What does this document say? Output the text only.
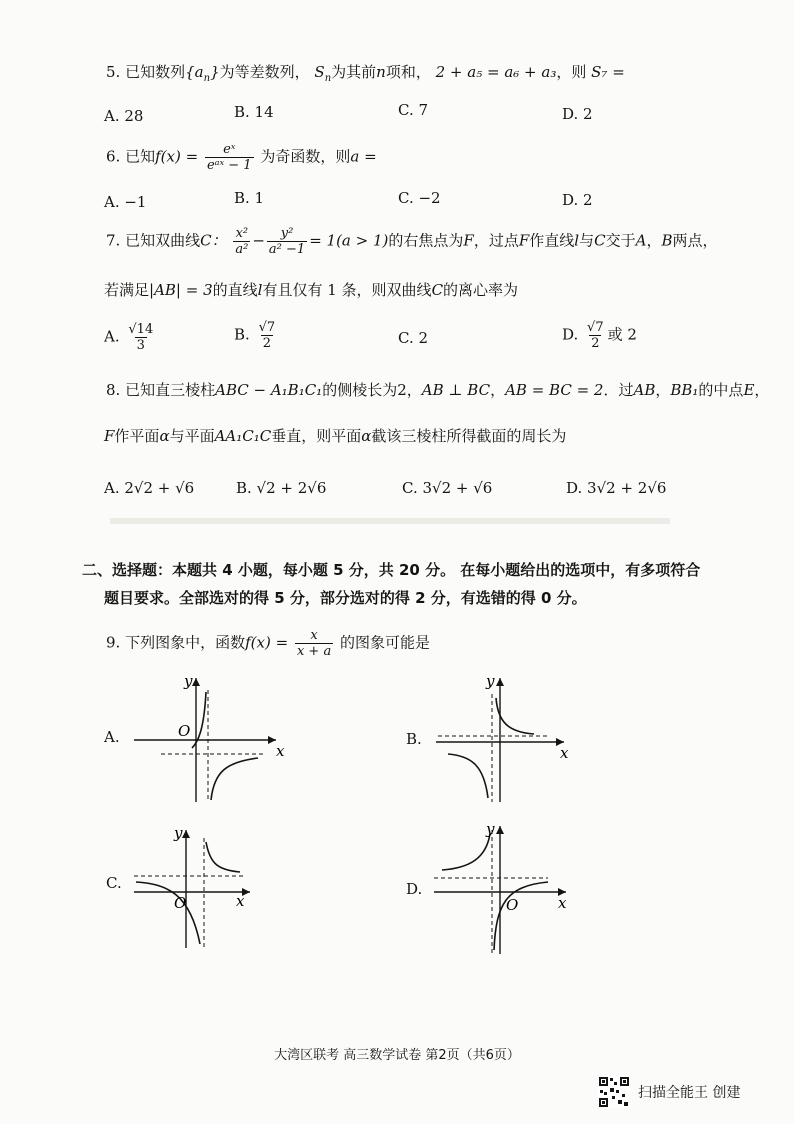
5. 已知数列$\{a_n\}$为等差数列， $S_n$为其前n项和， 2 + a₅ = a₆ + a₃，则 S₇ =
A. 28	B. 14	C. 7	D. 2
6. 已知$f(x) = \frac{\text{eˣ}}{\text{eᵃˣ − 1}}$ 为奇函数，则a =
A. −1	B. 1	C. −2	D. 2
7. 已知双曲线C： $\frac{\text{x²}}{\text{a²}} - \frac{\text{y²}}{\text{a² −1}} = 1(a > 1)$的右焦点为F，过点F作直线l与C交于A，B两点，
若满足|AB| = 3的直线l有且仅有 1 条，则双曲线C的离心率为
A. $\frac{√14}{3}$	B. $\frac{√7}{2}$	C. 2	D. $\frac{√7}{2}$ 或 2
8. 已知直三棱柱ABC − A₁B₁C₁的侧棱长为2，AB ⊥ BC，AB = BC = 2．过AB，BB₁的中点E，
F作平面α与平面AA₁C₁C垂直，则平面α截该三棱柱所得截面的周长为
A. 2√2 + √6	B. √2 + 2√6	C. 3√2 + √6	D. 3√2 + 2√6
二、选择题：本题共 4 小题，每小题 5 分，共 20 分。 在每小题给出的选项中，有多项符合
题目要求。全部选对的得 5 分，部分选对的得 2 分，有选错的得 0 分。
9. 下列图象中，函数$f(x) = \frac{x}{x + a}$ 的图象可能是
A.
x
y
O	B.
x
y
C.
x
y
O
D.
x
y
O
大湾区联考 高三数学试卷 第2页（共6页）
扫描全能王 创建
